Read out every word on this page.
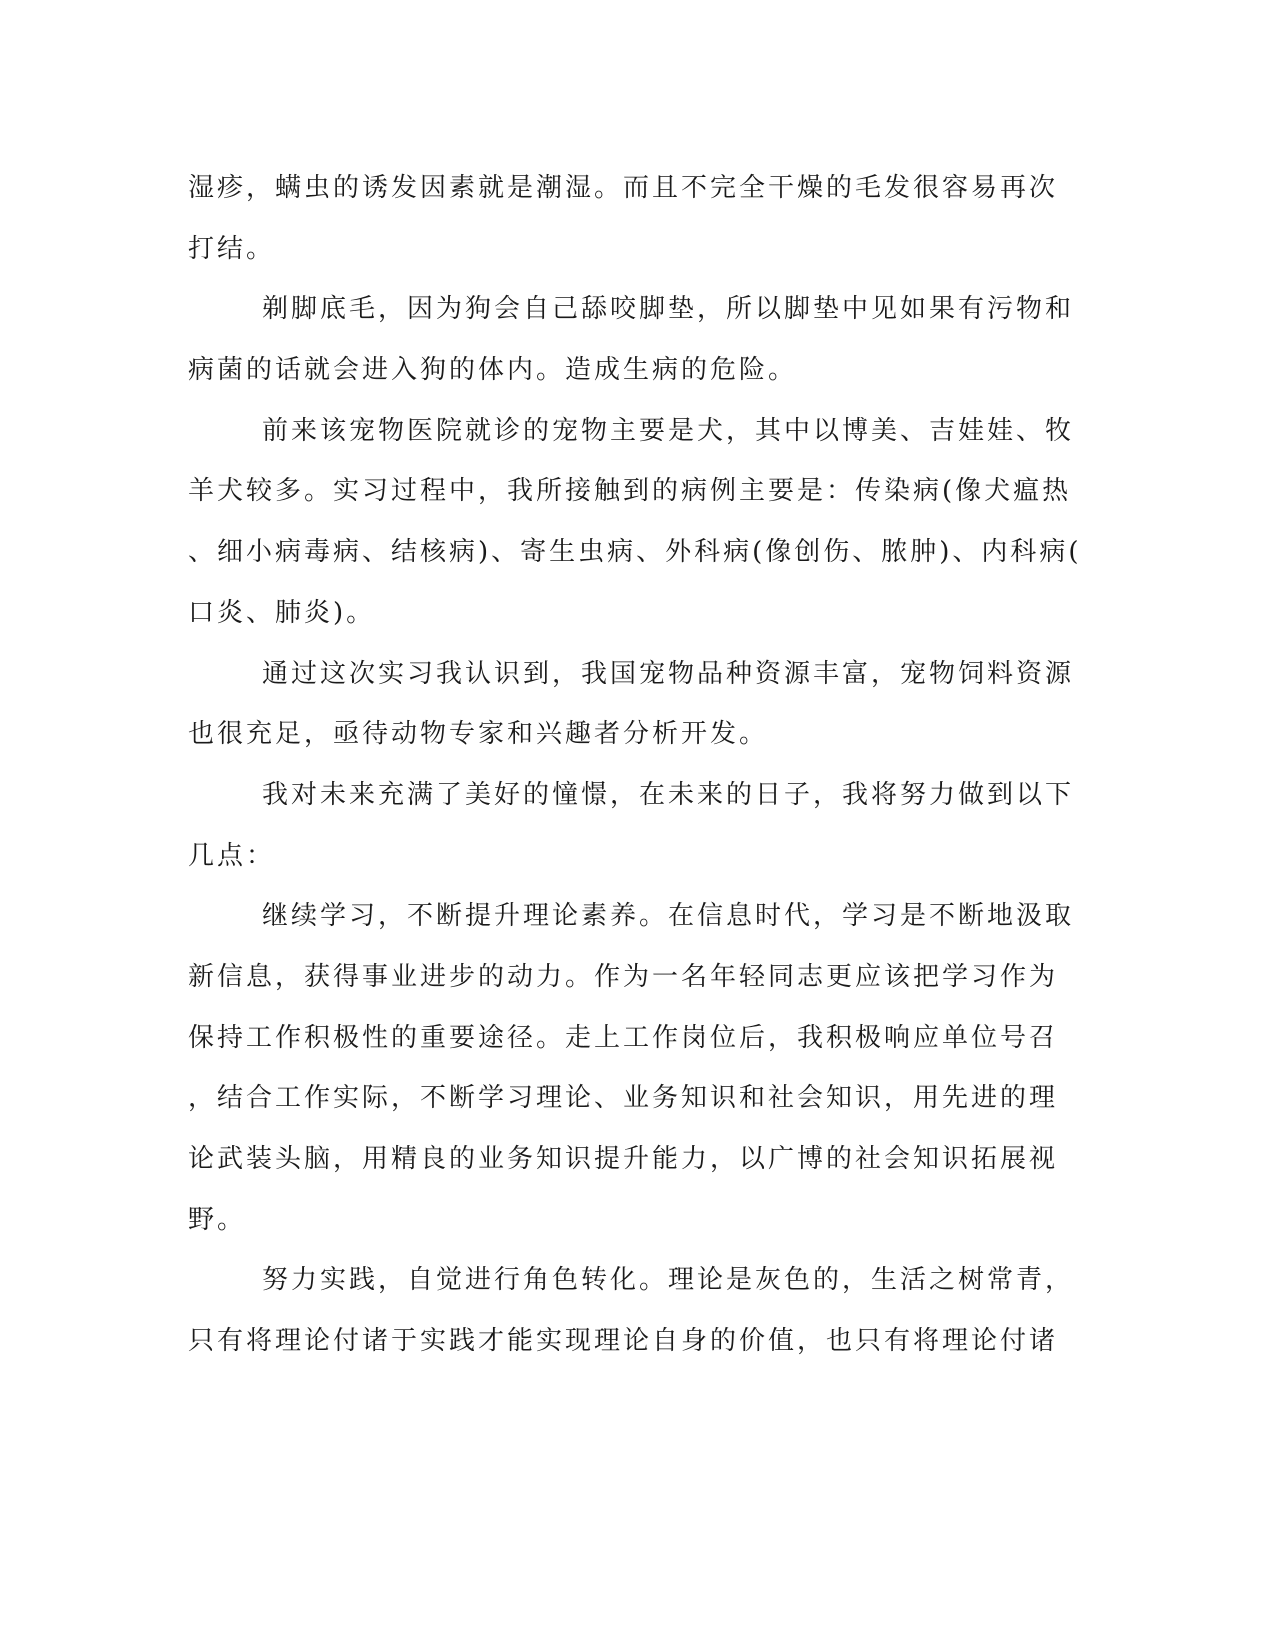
湿疹，螨虫的诱发因素就是潮湿。而且不完全干燥的毛发很容易再次
打结。
剃脚底毛，因为狗会自己舔咬脚垫，所以脚垫中见如果有污物和
病菌的话就会进入狗的体内。造成生病的危险。
前来该宠物医院就诊的宠物主要是犬，其中以博美、吉娃娃、牧
羊犬较多。实习过程中，我所接触到的病例主要是：传染病(像犬瘟热
、细小病毒病、结核病)、寄生虫病、外科病(像创伤、脓肿)、内科病(
口炎、肺炎)。
通过这次实习我认识到，我国宠物品种资源丰富，宠物饲料资源
也很充足，亟待动物专家和兴趣者分析开发。
我对未来充满了美好的憧憬，在未来的日子，我将努力做到以下
几点：
继续学习，不断提升理论素养。在信息时代，学习是不断地汲取
新信息，获得事业进步的动力。作为一名年轻同志更应该把学习作为
保持工作积极性的重要途径。走上工作岗位后，我积极响应单位号召
，结合工作实际，不断学习理论、业务知识和社会知识，用先进的理
论武装头脑，用精良的业务知识提升能力，以广博的社会知识拓展视
野。
努力实践，自觉进行角色转化。理论是灰色的，生活之树常青，
只有将理论付诸于实践才能实现理论自身的价值，也只有将理论付诸
